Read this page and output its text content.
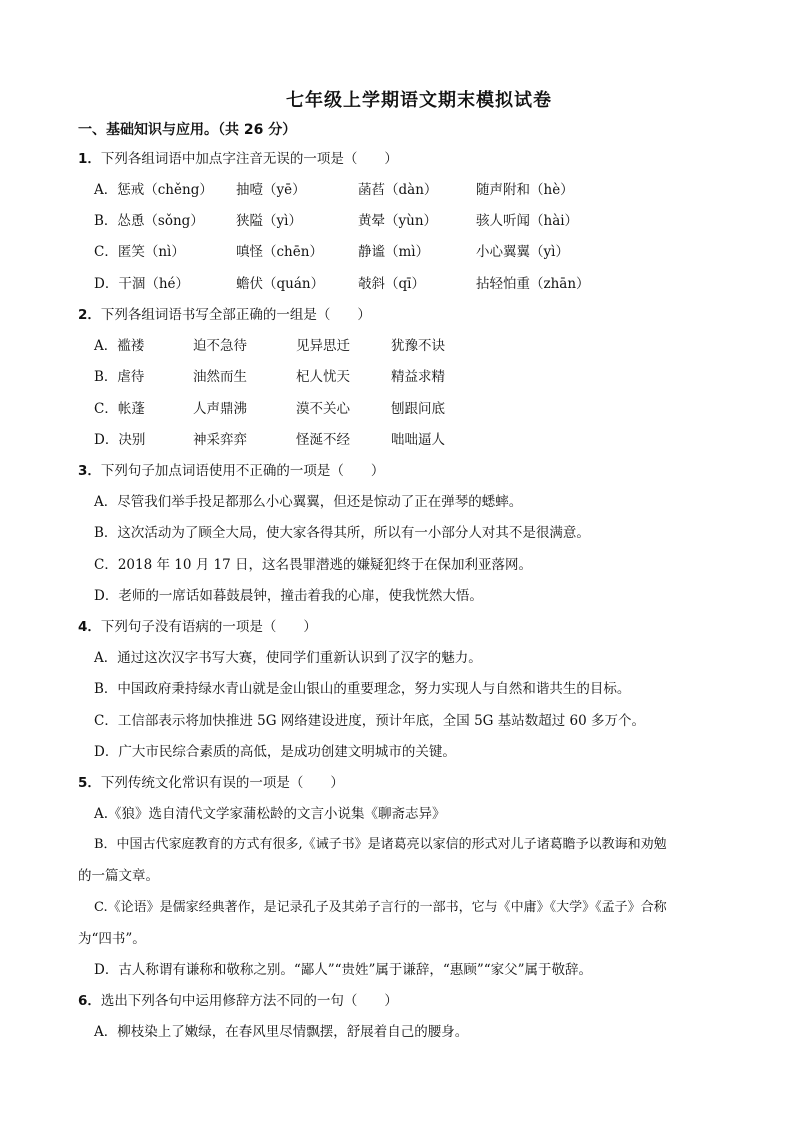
七年级上学期语文期末模拟试卷
一、基础知识与应用。（共 26 分）
1．下列各组词语中加点字注音无误的一项是（　　）
A．惩戒（chěng） 抽噎（yē）	菡萏（dàn）	随声附和（hè）
B．怂恿（sǒng） 狭隘（yì）	黄晕（yùn）	骇人听闻（hài）
C．匿笑（nì）	嗔怪（chēn）	静谧（mì）	小心翼翼（yì）
D．干涸（hé）	蟾伏（quán）	攲斜（qī）	拈轻怕重（zhān）
2．下列各组词语书写全部正确的一组是（　　）
A．褴褛	迫不急待	见异思迁	犹豫不诀
B．虐待	油然而生	杞人忧天	精益求精
C．帐蓬	人声鼎沸	漠不关心	刨跟问底
D．决别	神采弈弈	怪涎不经	咄咄逼人
3．下列句子加点词语使用不正确的一项是（　　）
A．尽管我们举手投足都那么小心翼翼，但还是惊动了正在弹琴的蟋蟀。
B．这次活动为了顾全大局，使大家各得其所，所以有一小部分人对其不是很满意。
C．2018 年 10 月 17 日，这名畏罪潜逃的嫌疑犯终于在保加利亚落网。
D．老师的一席话如暮鼓晨钟，撞击着我的心扉，使我恍然大悟。
4．下列句子没有语病的一项是（　　）
A．通过这次汉字书写大赛，使同学们重新认识到了汉字的魅力。
B．中国政府秉持绿水青山就是金山银山的重要理念，努力实现人与自然和谐共生的目标。
C．工信部表示将加快推进 5G 网络建设进度，预计年底，全国 5G 基站数超过 60 多万个。
D．广大市民综合素质的高低，是成功创建文明城市的关键。
5．下列传统文化常识有误的一项是（　　）
A.《狼》选自清代文学家蒲松龄的文言小说集《聊斋志异》
B．中国古代家庭教育的方式有很多,《诫子书》是诸葛亮以家信的形式对儿子诸葛瞻予以教诲和劝勉
的一篇文章。
C.《论语》是儒家经典著作，是记录孔子及其弟子言行的一部书，它与《中庸》《大学》《孟子》合称
为“四书”。
D．古人称谓有谦称和敬称之别。“鄙人”“贵姓”属于谦辞，“惠顾”“家父”属于敬辞。
6．选出下列各句中运用修辞方法不同的一句（　　）
A．柳枝染上了嫩绿，在春风里尽情飘摆，舒展着自己的腰身。
